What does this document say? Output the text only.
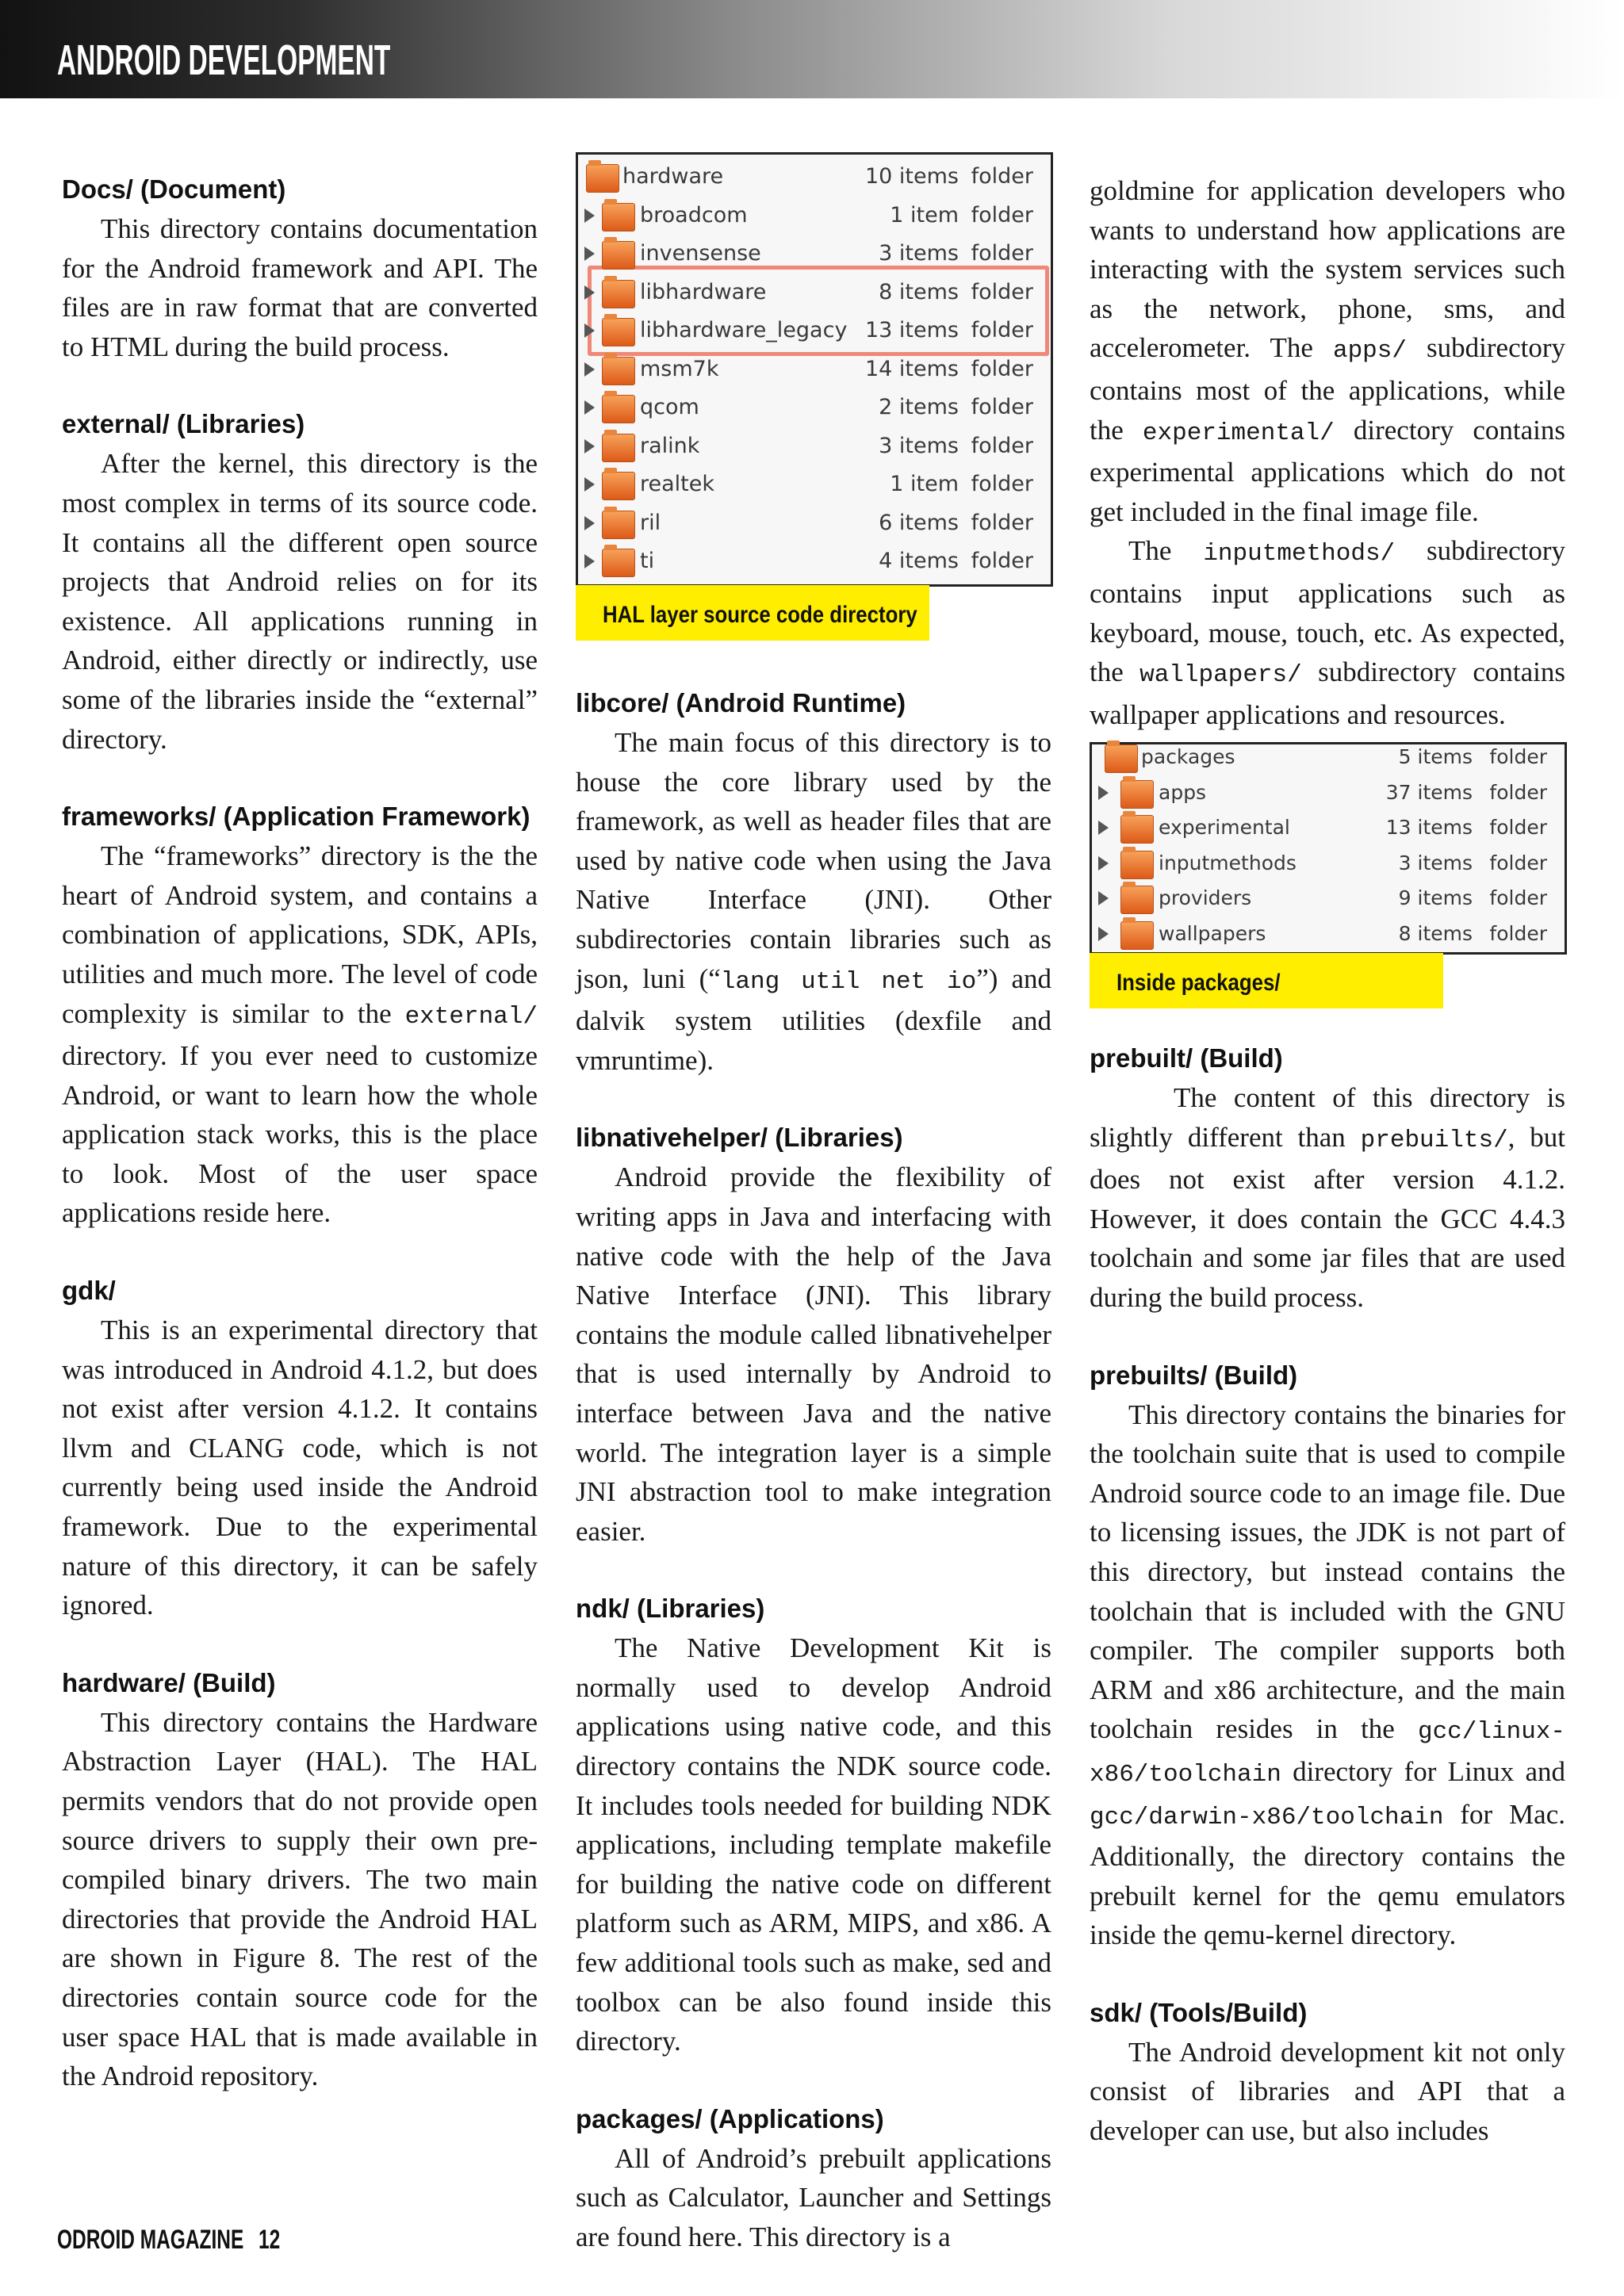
ANDROID DEVELOPMENT
Docs/ (Document)

This directory contains documentation for the Android framework and API. The files are in raw format that are converted to HTML during the build process.

external/ (Libraries)

After the kernel, this directory is the most complex in terms of its source code. It contains all the different open source projects that Android relies on for its existence. All applications running in Android, either directly or indirectly, use some of the libraries inside the “external” directory.

frameworks/ (Application Framework)

The “frameworks” directory is the the heart of Android system, and contains a combination of applications, SDK, APIs, utilities and much more. The level of code complexity is similar to the external/ directory. If you ever need to customize Android, or want to learn how the whole application stack works, this is the place to look. Most of the user space applications reside here.

gdk/

This is an experimental directory that was introduced in Android 4.1.2, but does not exist after version 4.1.2. It contains llvm and CLANG code, which is not currently being used inside the Android framework. Due to the experimental nature of this directory, it can be safely ignored.

hardware/ (Build)

This directory contains the Hardware Abstraction Layer (HAL). The HAL permits vendors that do not provide open source drivers to supply their own pre-compiled binary drivers. The two main directories that provide the Android HAL are shown in Figure 8. The rest of the directories contain source code for the user space HAL that is made available in the Android repository.

hardware	10 items folder
broadcom	1 item folder
invensense	3 items folder
libhardware	8 items folder
libhardware_legacy 13 items folder
msm7k	14 items folder
qcom	2 items folder
ralink	3 items folder
realtek	1 item folder
ril	6 items folder
ti	4 items folder
HAL layer source code directory
libcore/ (Android Runtime)

The main focus of this directory is to house the core library used by the framework, as well as header files that are used by native code when using the Java Native Interface (JNI). Other subdirectories contain libraries such as json, luni (“lang util net io”) and dalvik system utilities (dexfile and vmruntime).

libnativehelper/ (Libraries)

Android provide the flexibility of writing apps in Java and interfacing with native code with the help of the Java Native Interface (JNI). This library contains the module called libnativehelper that is used internally by Android to interface between Java and the native world. The integration layer is a simple JNI abstraction tool to make integration easier.

ndk/ (Libraries)

The Native Development Kit is normally used to develop Android applications using native code, and this directory contains the NDK source code. It includes tools needed for building NDK applications, including template makefile for building the native code on different platform such as ARM, MIPS, and x86. A few additional tools such as make, sed and toolbox can be also found inside this directory.

packages/ (Applications)

All of Android’s prebuilt applications such as Calculator, Launcher and Settings are found here. This directory is a

goldmine for application developers who wants to understand how applications are interacting with the system services such as the network, phone, sms, and accelerometer. The apps/ subdirectory contains most of the applications, while the experimental/ directory contains experimental applications which do not get included in the final image file.

The inputmethods/ subdirectory contains input applications such as keyboard, mouse, touch, etc. As expected, the wallpapers/ subdirectory contains wallpaper applications and resources.

packages	5 items folder
apps	37 items folder
experimental	13 items folder
inputmethods	3 items folder
providers	9 items folder
wallpapers	8 items folder
Inside packages/
prebuilt/ (Build)

The content of this directory is slightly different than prebuilts/, but does not exist after version 4.1.2. However, it does contain the GCC 4.4.3 toolchain and some jar files that are used during the build process.

prebuilts/ (Build)

This directory contains the binaries for the toolchain suite that is used to compile Android source code to an image file. Due to licensing issues, the JDK is not part of this directory, but instead contains the toolchain that is included with the GNU compiler. The compiler supports both ARM and x86 architecture, and the main toolchain resides in the gcc/linux-x86/toolchain directory for Linux and gcc/darwin-x86/toolchain for Mac. Additionally, the directory contains the prebuilt kernel for the qemu emulators inside the qemu-kernel directory.

sdk/ (Tools/Build)

The Android development kit not only consist of libraries and API that a developer can use, but also includes

ODROID MAGAZINE 12
